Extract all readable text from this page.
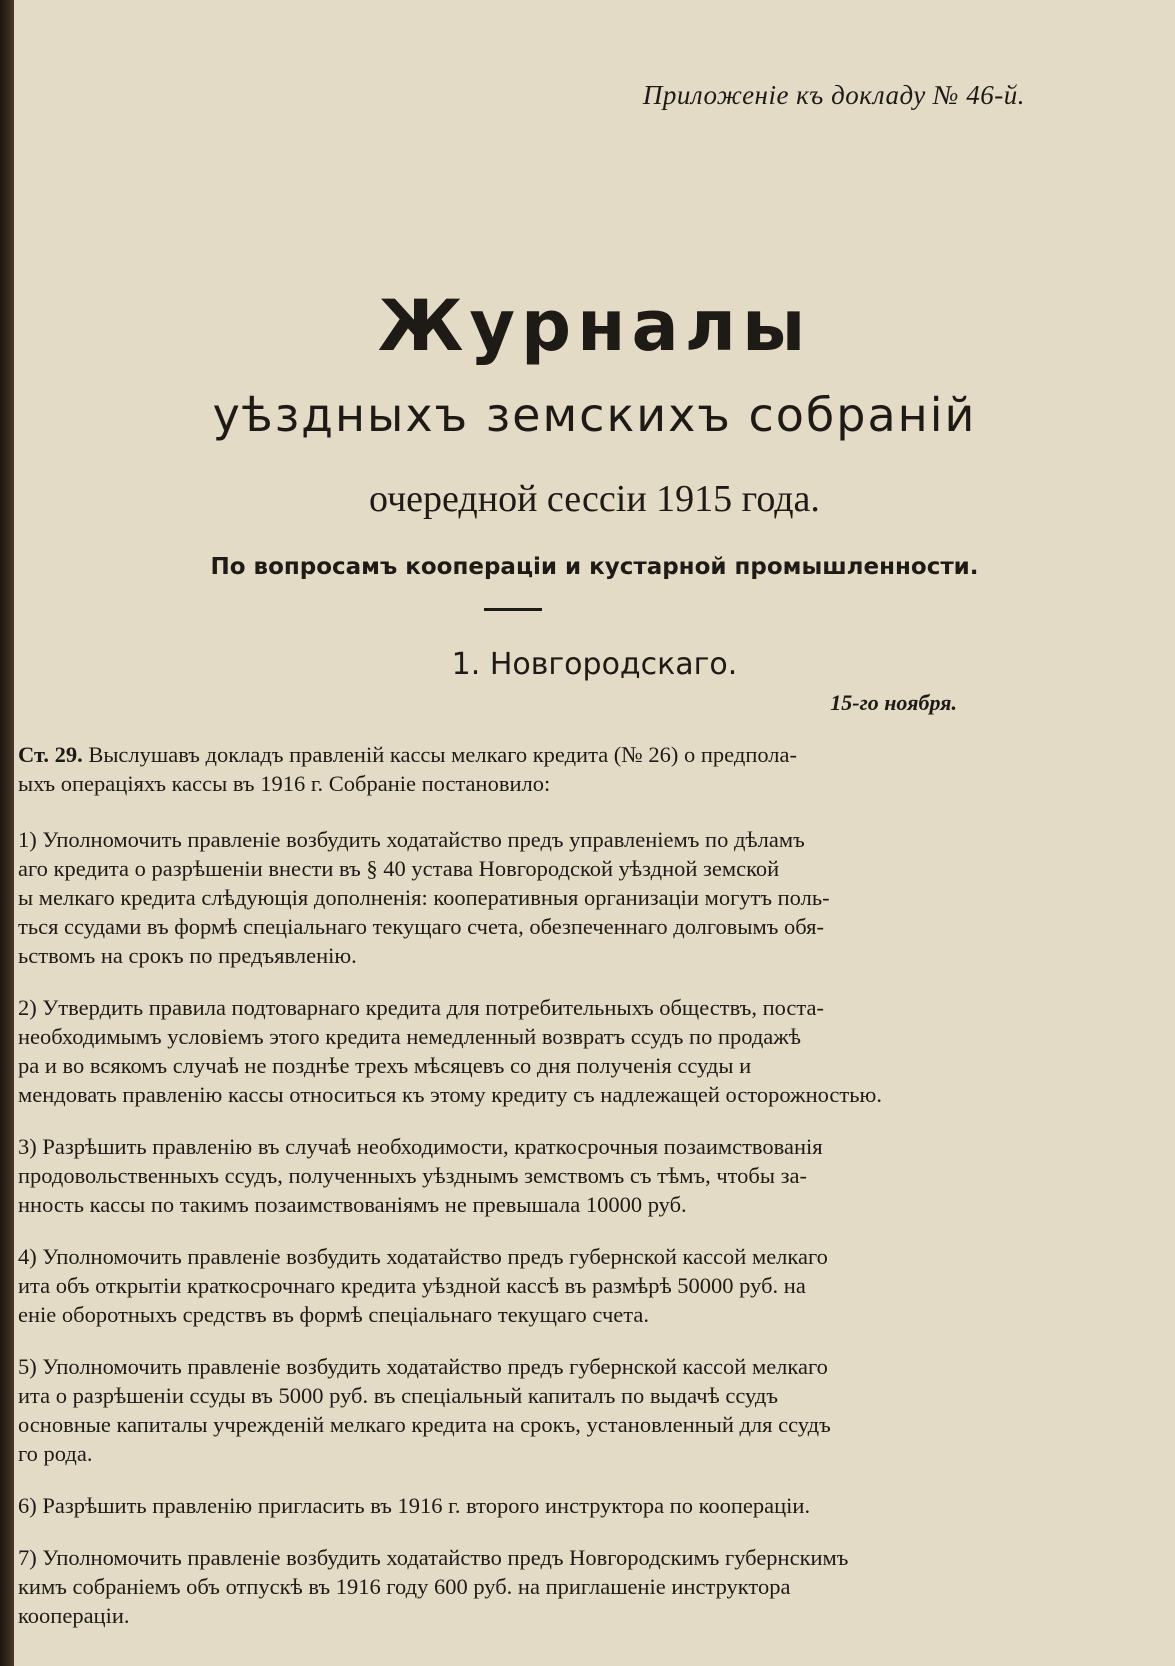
Приложеніе къ докладу № 46-й.
Журналы
уѣздныхъ земскихъ собраній
очередной сессіи 1915 года.
По вопросамъ кооперацiи и кустарной промышленности.
1. Новгородскаго.
15-го ноября.

Ст. 29. Выслушавъ докладъ правленій кассы мелкаго кредита (№ 26) о предпола-
ыхъ операціяхъ кассы въ 1916 г. Собраніе постановило:

1) Уполномочить правленіе возбудить ходатайство предъ управленіемъ по дѣламъ
аго кредита о разрѣшеніи внести въ § 40 устава Новгородской уѣздной земской
ы мелкаго кредита слѣдующія дополненія: кооперативныя организаціи могутъ поль-
ться ссудами въ формѣ спеціальнаго текущаго счета, обезпеченнаго долговымъ обя-
ьствомъ на срокъ по предъявленію.

2) Утвердить правила подтоварнаго кредита для потребительныхъ обществъ, поста-
необходимымъ условіемъ этого кредита немедленный возвратъ ссудъ по продажѣ
ра и во всякомъ случаѣ не позднѣе трехъ мѣсяцевъ со дня полученія ссуды и
мендовать правленію кассы относиться къ этому кредиту съ надлежащей осторожностью.

3) Разрѣшить правленію въ случаѣ необходимости, краткосрочныя позаимствованія
продовольственныхъ ссудъ, полученныхъ уѣзднымъ земствомъ съ тѣмъ, чтобы за-
нность кассы по такимъ позаимствованіямъ не превышала 10000 руб.

4) Уполномочить правленіе возбудить ходатайство предъ губернской кассой мелкаго
ита объ открытіи краткосрочнаго кредита уѣздной кассѣ въ размѣрѣ 50000 руб. на
еніе оборотныхъ средствъ въ формѣ спеціальнаго текущаго счета.

5) Уполномочить правленіе возбудить ходатайство предъ губернской кассой мелкаго
ита о разрѣшеніи ссуды въ 5000 руб. въ спеціальный капиталъ по выдачѣ ссудъ
основные капиталы учрежденій мелкаго кредита на срокъ, установленный для ссудъ
го рода.

6) Разрѣшить правленію пригласить въ 1916 г. второго инструктора по коопераціи.

7) Уполномочить правленіе возбудить ходатайство предъ Новгородскимъ губернскимъ
кимъ собраніемъ объ отпускѣ въ 1916 году 600 руб. на приглашеніе инструктора
кооперацiи.
